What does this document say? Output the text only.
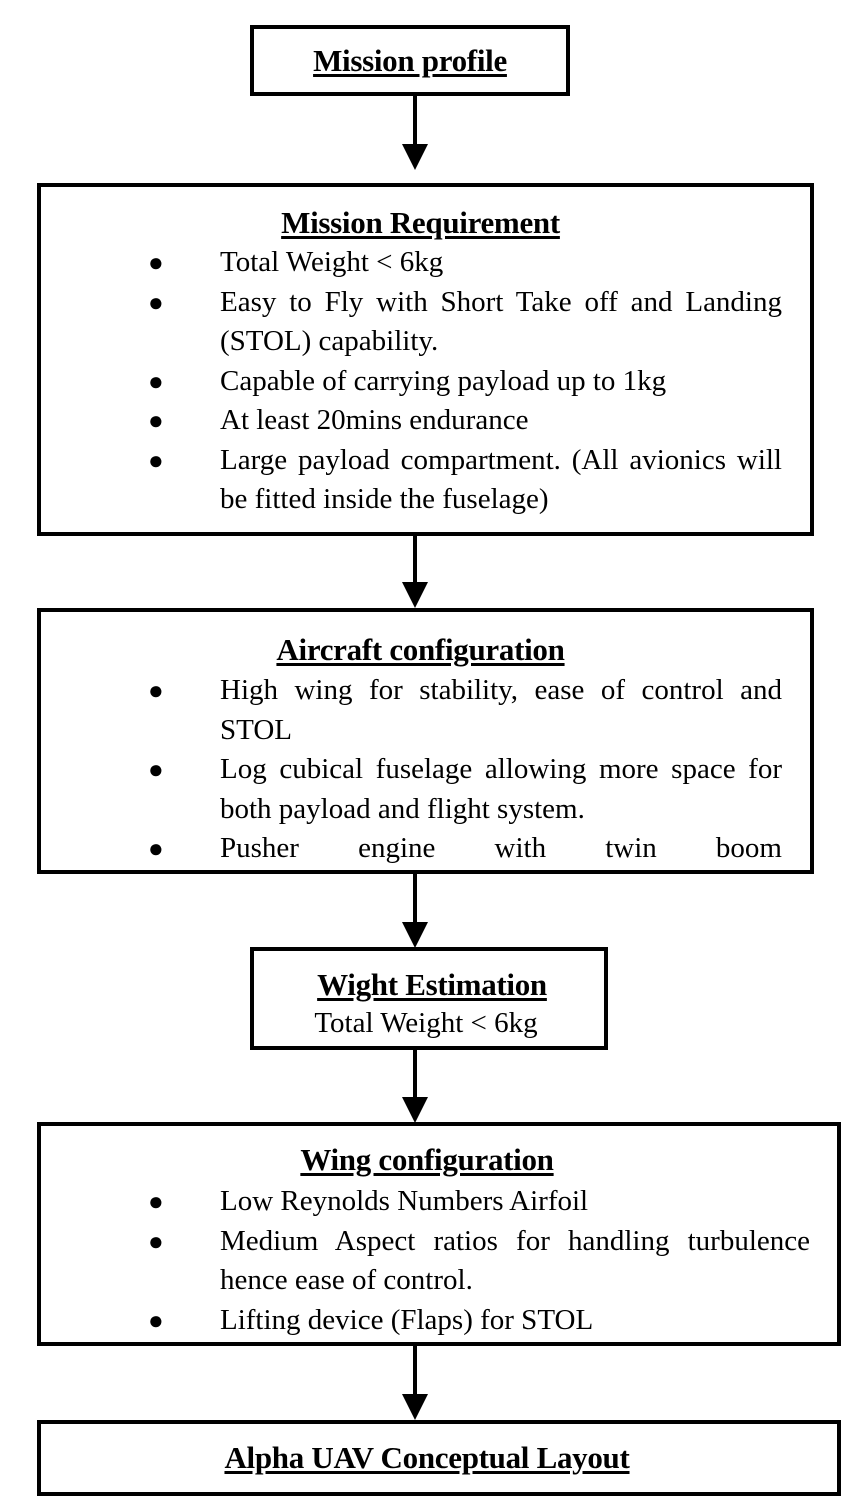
Mission profile
Mission Requirement
● Total Weight < 6kg
● Easy to Fly with Short Take off and Landing (STOL) capability.
● Capable of carrying payload up to 1kg
● At least 20mins endurance
● Large payload compartment. (All avionics will be fitted inside the fuselage)
Aircraft configuration
● High wing for stability, ease of control and STOL
● Log cubical fuselage allowing more space for both payload and flight system.
● Pusher engine with twin boom
Wight Estimation
Total Weight < 6kg
Wing configuration
● Low Reynolds Numbers Airfoil
● Medium Aspect ratios for handling turbulence hence ease of control.
● Lifting device (Flaps) for STOL
Alpha UAV Conceptual Layout
